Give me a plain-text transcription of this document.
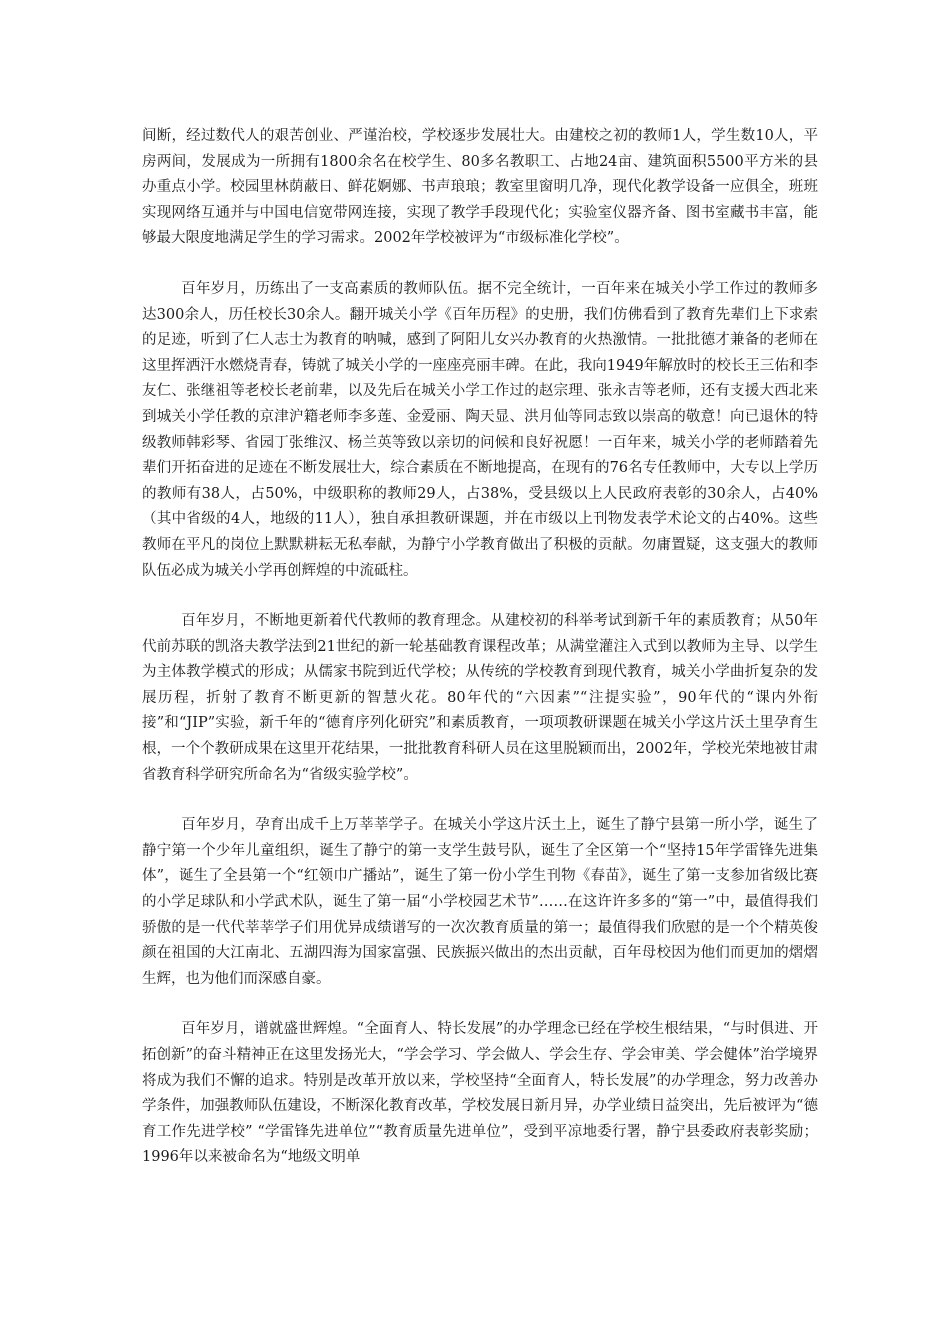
间断，经过数代人的艰苦创业、严谨治校，学校逐步发展壮大。由建校之初的教师1人，学生数10人，平房两间，发展成为一所拥有1800余名在校学生、80多名教职工、占地24亩、建筑面积5500平方米的县办重点小学。校园里林荫蔽日、鲜花婀娜、书声琅琅；教室里窗明几净，现代化教学设备一应俱全，班班实现网络互通并与中国电信宽带网连接，实现了教学手段现代化；实验室仪器齐备、图书室藏书丰富，能够最大限度地满足学生的学习需求。2002年学校被评为“市级标准化学校”。

百年岁月，历练出了一支高素质的教师队伍。据不完全统计，一百年来在城关小学工作过的教师多达300余人，历任校长30余人。翻开城关小学《百年历程》的史册，我们仿佛看到了教育先辈们上下求索的足迹，听到了仁人志士为教育的呐喊，感到了阿阳儿女兴办教育的火热激情。一批批德才兼备的老师在这里挥洒汗水燃烧青春，铸就了城关小学的一座座亮丽丰碑。在此，我向1949年解放时的校长王三佑和李友仁、张继祖等老校长老前辈，以及先后在城关小学工作过的赵宗理、张永吉等老师，还有支援大西北来到城关小学任教的京津沪籍老师李多莲、金爱丽、陶天显、洪月仙等同志致以崇高的敬意！向已退休的特级教师韩彩琴、省园丁张维汉、杨兰英等致以亲切的问候和良好祝愿！一百年来，城关小学的老师踏着先辈们开拓奋进的足迹在不断发展壮大，综合素质在不断地提高，在现有的76名专任教师中，大专以上学历的教师有38人，占50%，中级职称的教师29人，占38%，受县级以上人民政府表彰的30余人，占40%（其中省级的4人，地级的11人），独自承担教研课题，并在市级以上刊物发表学术论文的占40%。这些教师在平凡的岗位上默默耕耘无私奉献，为静宁小学教育做出了积极的贡献。勿庸置疑，这支强大的教师队伍必成为城关小学再创辉煌的中流砥柱。

百年岁月，不断地更新着代代教师的教育理念。从建校初的科举考试到新千年的素质教育；从50年代前苏联的凯洛夫教学法到21世纪的新一轮基础教育课程改革；从满堂灌注入式到以教师为主导、以学生为主体教学模式的形成；从儒家书院到近代学校；从传统的学校教育到现代教育，城关小学曲折复杂的发展历程，折射了教育不断更新的智慧火花。80年代的“六因素”“注提实验”，90年代的“课内外衔接”和“JIP”实验，新千年的“德育序列化研究”和素质教育，一项项教研课题在城关小学这片沃土里孕育生根，一个个教研成果在这里开花结果，一批批教育科研人员在这里脱颖而出，2002年，学校光荣地被甘肃省教育科学研究所命名为“省级实验学校”。

百年岁月，孕育出成千上万莘莘学子。在城关小学这片沃土上，诞生了静宁县第一所小学，诞生了静宁第一个少年儿童组织，诞生了静宁的第一支学生鼓号队，诞生了全区第一个“坚持15年学雷锋先进集体”，诞生了全县第一个“红领巾广播站”，诞生了第一份小学生刊物《春苗》，诞生了第一支参加省级比赛的小学足球队和小学武术队，诞生了第一届“小学校园艺术节”……在这许许多多的“第一”中，最值得我们骄傲的是一代代莘莘学子们用优异成绩谱写的一次次教育质量的第一；最值得我们欣慰的是一个个精英俊颜在祖国的大江南北、五湖四海为国家富强、民族振兴做出的杰出贡献，百年母校因为他们而更加的熠熠生辉，也为他们而深感自豪。

百年岁月，谱就盛世辉煌。“全面育人、特长发展”的办学理念已经在学校生根结果，“与时俱进、开拓创新”的奋斗精神正在这里发扬光大，“学会学习、学会做人、学会生存、学会审美、学会健体”治学境界将成为我们不懈的追求。特别是改革开放以来，学校坚持“全面育人，特长发展”的办学理念，努力改善办学条件，加强教师队伍建设，不断深化教育改革，学校发展日新月异，办学业绩日益突出，先后被评为“德育工作先进学校” “学雷锋先进单位”“教育质量先进单位”，受到平凉地委行署，静宁县委政府表彰奖励；1996年以来被命名为“地级文明单
